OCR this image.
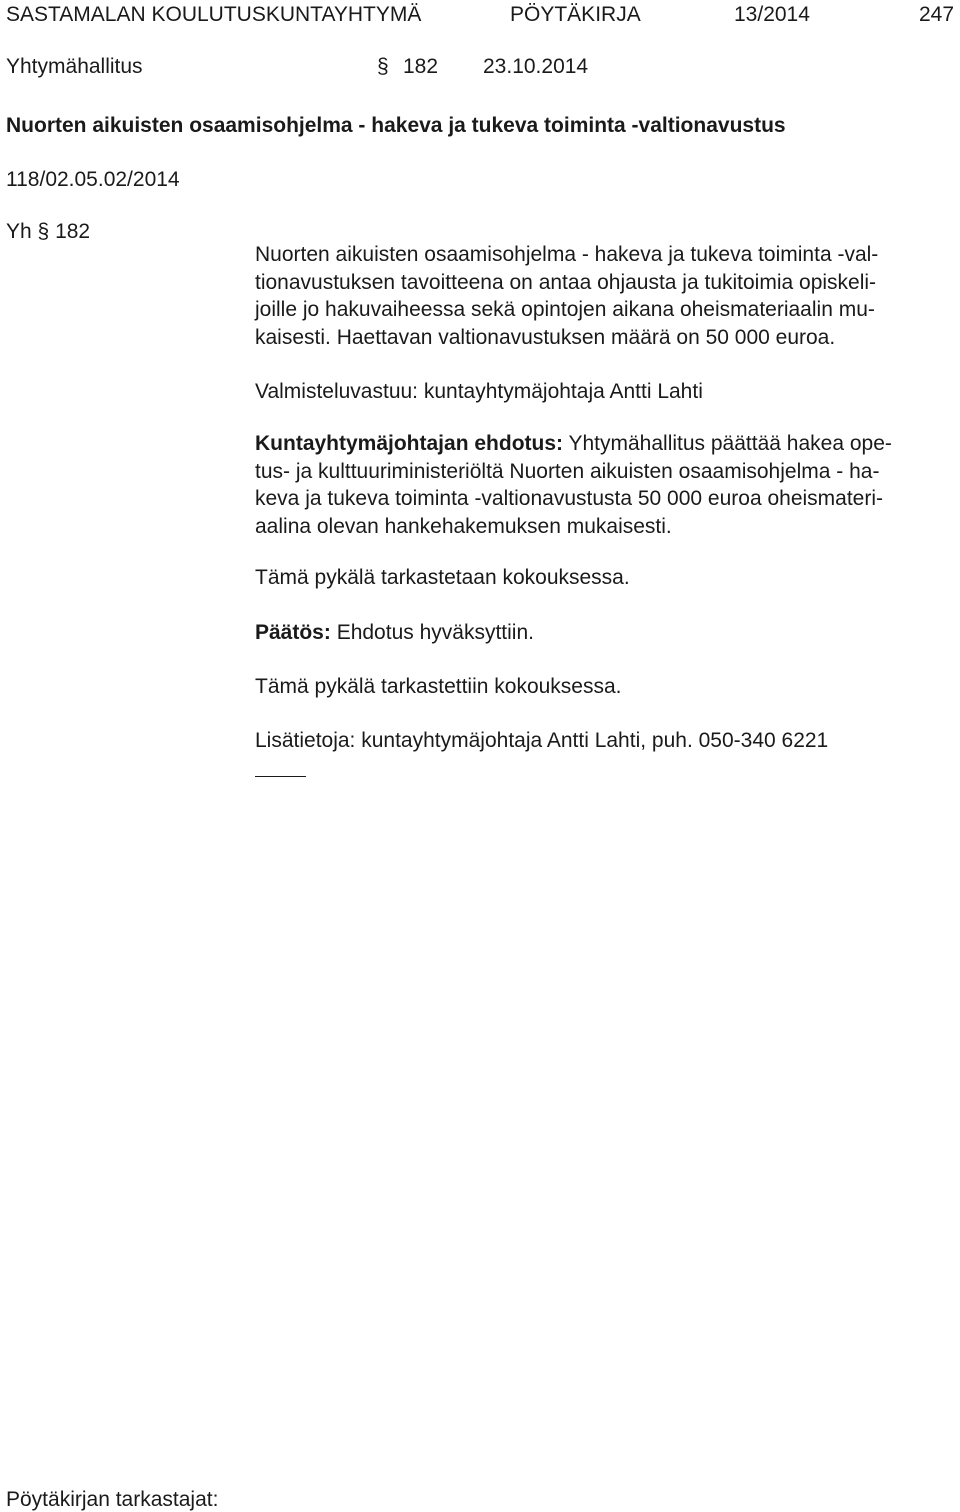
SASTAMALAN KOULUTUSKUNTAYHTYMÄ	PÖYTÄKIRJA	13/2014	247
Yhtymähallitus	§ 182 23.10.2014
Nuorten aikuisten osaamisohjelma - hakeva ja tukeva toiminta -valtionavustus
118/02.05.02/2014
Yh § 182
Nuorten aikuisten osaamisohjelma - hakeva ja tukeva toiminta -val-
tionavustuksen tavoitteena on antaa ohjausta ja tukitoimia opiskeli-
joille jo hakuvaiheessa sekä opintojen aikana oheismateriaalin mu-
kaisesti. Haettavan valtionavustuksen määrä on 50 000 euroa.
Valmisteluvastuu: kuntayhtymäjohtaja Antti Lahti
Kuntayhtymäjohtajan ehdotus: Yhtymähallitus päättää hakea ope-
tus- ja kulttuuriministeriöltä Nuorten aikuisten osaamisohjelma - ha-
keva ja tukeva toiminta -valtionavustusta 50 000 euroa oheismateri-
aalina olevan hankehakemuksen mukaisesti.
Tämä pykälä tarkastetaan kokouksessa.
Päätös: Ehdotus hyväksyttiin.
Tämä pykälä tarkastettiin kokouksessa.
Lisätietoja: kuntayhtymäjohtaja Antti Lahti, puh. 050-340 6221
Pöytäkirjan tarkastajat:
